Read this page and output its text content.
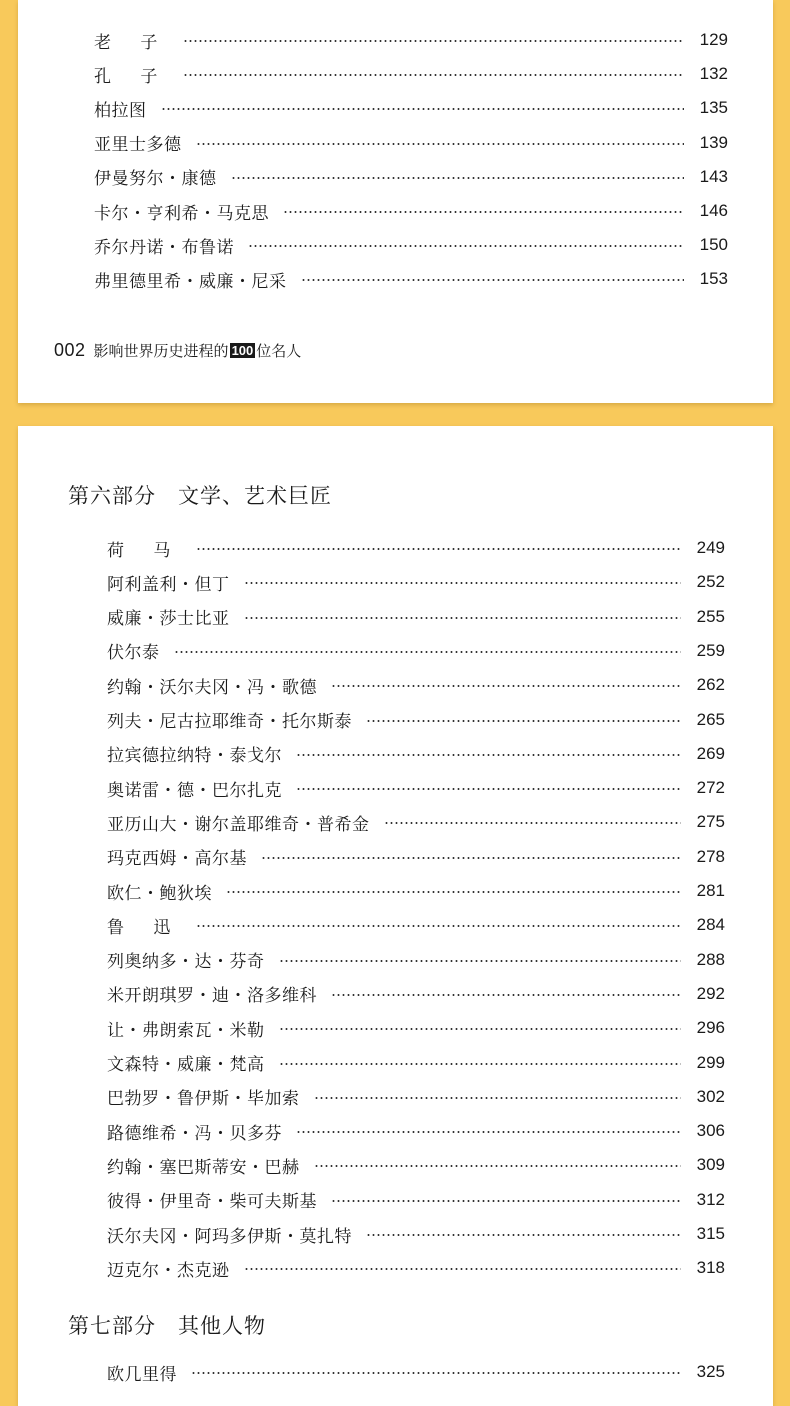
老 子	129
孔 子	132
柏拉图	135
亚里士多德	139
伊曼努尔・康德	143
卡尔・亨利希・马克思	146
乔尔丹诺・布鲁诺	150
弗里德里希・威廉・尼采	153
002 影响世界历史进程的 100 位名人
第六部分　文学、艺术巨匠
荷 马	249
阿利盖利・但丁	252
威廉・莎士比亚	255
伏尔泰	259
约翰・沃尔夫冈・冯・歌德	262
列夫・尼古拉耶维奇・托尔斯泰	265
拉宾德拉纳特・泰戈尔	269
奥诺雷・德・巴尔扎克	272
亚历山大・谢尔盖耶维奇・普希金	275
玛克西姆・高尔基	278
欧仁・鲍狄埃	281
鲁 迅	284
列奥纳多・达・芬奇	288
米开朗琪罗・迪・洛多维科	292
让・弗朗索瓦・米勒	296
文森特・威廉・梵高	299
巴勃罗・鲁伊斯・毕加索	302
路德维希・冯・贝多芬	306
约翰・塞巴斯蒂安・巴赫	309
彼得・伊里奇・柴可夫斯基	312
沃尔夫冈・阿玛多伊斯・莫扎特	315
迈克尔・杰克逊	318
第七部分　其他人物
欧几里得	325
